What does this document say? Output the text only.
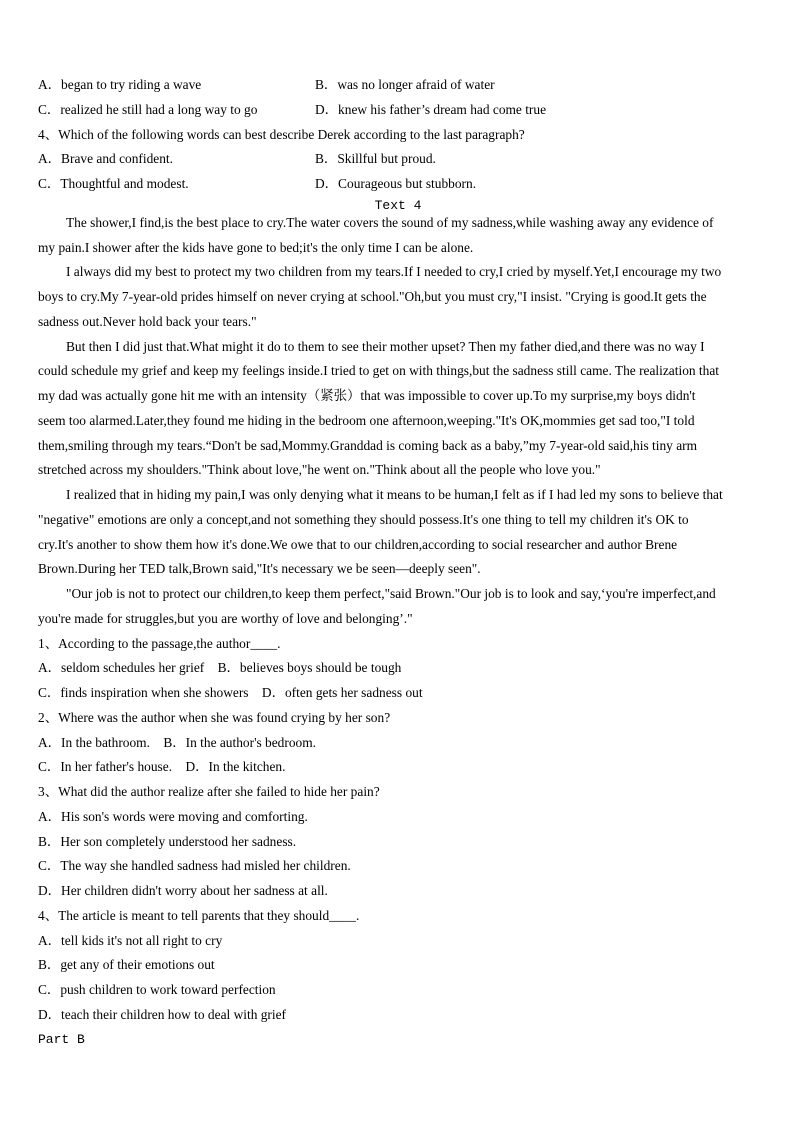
A．began to try riding a wave	B．was no longer afraid of water
C．realized he still had a long way to go	D．knew his father’s dream had come true
4、Which of the following words can best describe Derek according to the last paragraph?
A．Brave and confident.	B．Skillful but proud.
C．Thoughtful and modest.	D．Courageous but stubborn.
Text 4
The shower,I find,is the best place to cry.The water covers the sound of my sadness,while washing away any evidence of
my pain.I shower after the kids have gone to bed;it's the only time I can be alone.
I always did my best to protect my two children from my tears.If I needed to cry,I cried by myself.Yet,I encourage my two
boys to cry.My 7-year-old prides himself on never crying at school."Oh,but you must cry,"I insist. "Crying is good.It gets the
sadness out.Never hold back your tears."
But then I did just that.What might it do to them to see their mother upset? Then my father died,and there was no way I
could schedule my grief and keep my feelings inside.I tried to get on with things,but the sadness still came. The realization that
my dad was actually gone hit me with an intensity（紧张）that was impossible to cover up.To my surprise,my boys didn't
seem too alarmed.Later,they found me hiding in the bedroom one afternoon,weeping."It's OK,mommies get sad too,"I told
them,smiling through my tears.“Don't be sad,Mommy.Granddad is coming back as a baby,”my 7-year-old said,his tiny arm
stretched across my shoulders."Think about love,"he went on."Think about all the people who love you."
I realized that in hiding my pain,I was only denying what it means to be human,I felt as if I had led my sons to believe that
"negative" emotions are only a concept,and not something they should possess.It's one thing to tell my children it's OK to
cry.It's another to show them how it's done.We owe that to our children,according to social researcher and author Brene
Brown.During her TED talk,Brown said,"It's necessary we be seen—deeply seen".
"Our job is not to protect our children,to keep them perfect,"said Brown."Our job is to look and say,‘you're imperfect,and
you're made for struggles,but you are worthy of love and belonging’."
1、According to the passage,the author____.
A．seldom schedules her grief　B．believes boys should be tough
C．finds inspiration when she showers　D．often gets her sadness out
2、Where was the author when she was found crying by her son?
A．In the bathroom.　B．In the author's bedroom.
C．In her father's house.　D．In the kitchen.
3、What did the author realize after she failed to hide her pain?
A．His son's words were moving and comforting.
B．Her son completely understood her sadness.
C．The way she handled sadness had misled her children.
D．Her children didn't worry about her sadness at all.
4、The article is meant to tell parents that they should____.
A．tell kids it's not all right to cry
B．get any of their emotions out
C．push children to work toward perfection
D．teach their children how to deal with grief
Part B
